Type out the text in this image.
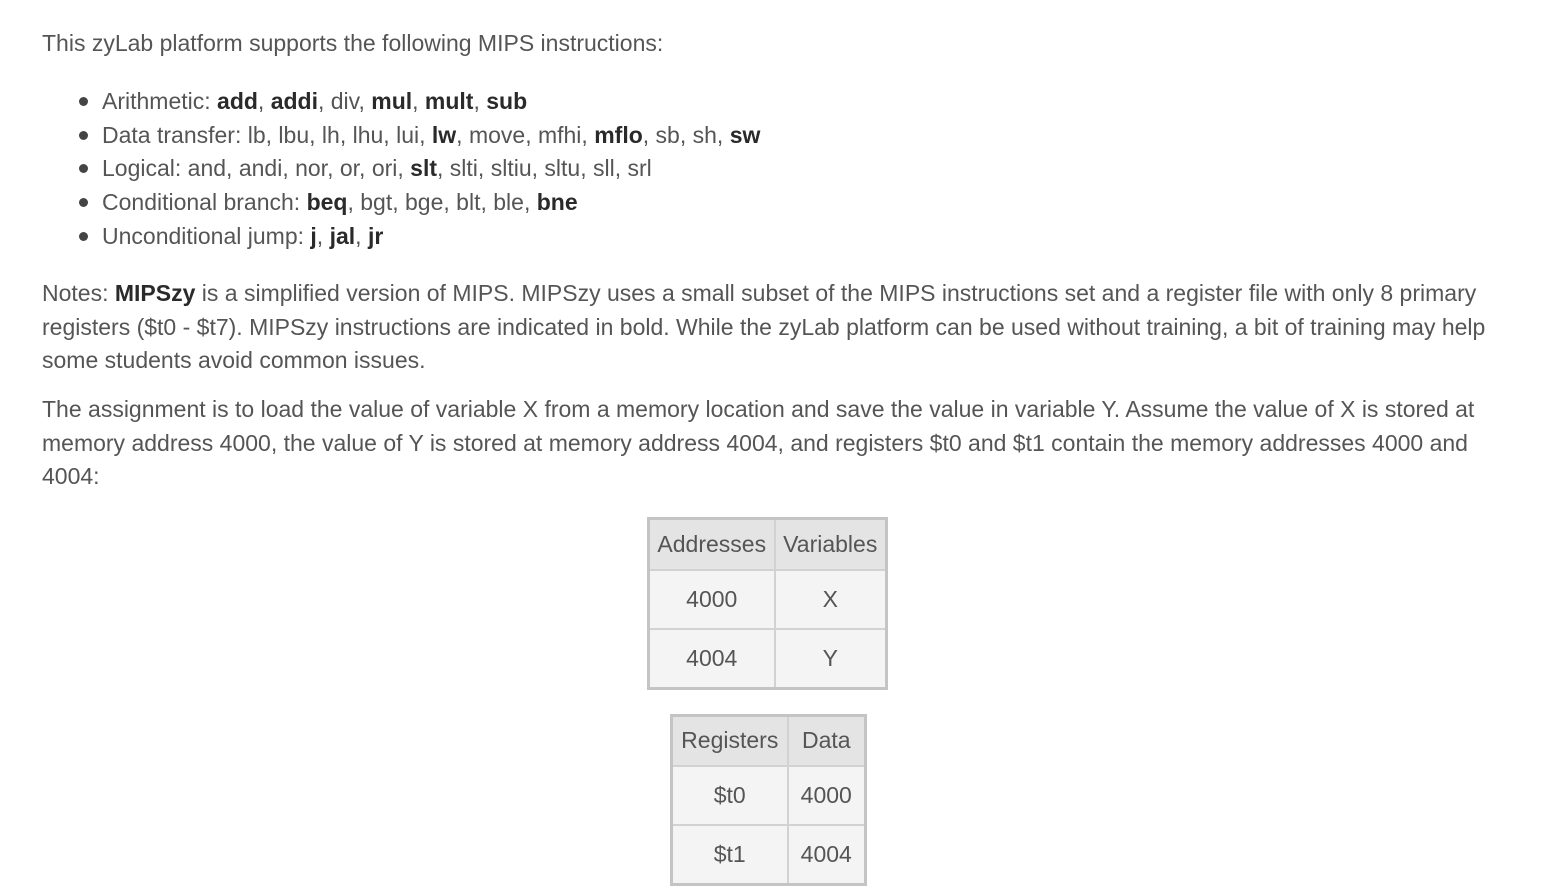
This zyLab platform supports the following MIPS instructions:

Arithmetic: add, addi, div, mul, mult, sub
Data transfer: lb, lbu, lh, lhu, lui, lw, move, mfhi, mflo, sb, sh, sw
Logical: and, andi, nor, or, ori, slt, slti, sltiu, sltu, sll, srl
Conditional branch: beq, bgt, bge, blt, ble, bne
Unconditional jump: j, jal, jr

Notes: MIPSzy is a simplified version of MIPS. MIPSzy uses a small subset of the MIPS instructions set and a register file with only 8 primary registers ($t0 - $t7). MIPSzy instructions are indicated in bold. While the zyLab platform can be used without training, a bit of training may help some students avoid common issues.

The assignment is to load the value of variable X from a memory location and save the value in variable Y. Assume the value of X is stored at memory address 4000, the value of Y is stored at memory address 4004, and registers $t0 and $t1 contain the memory addresses 4000 and 4004:

Addresses	Variables
4000	X
4004	Y
Registers	Data
$t0	4000
$t1	4004
